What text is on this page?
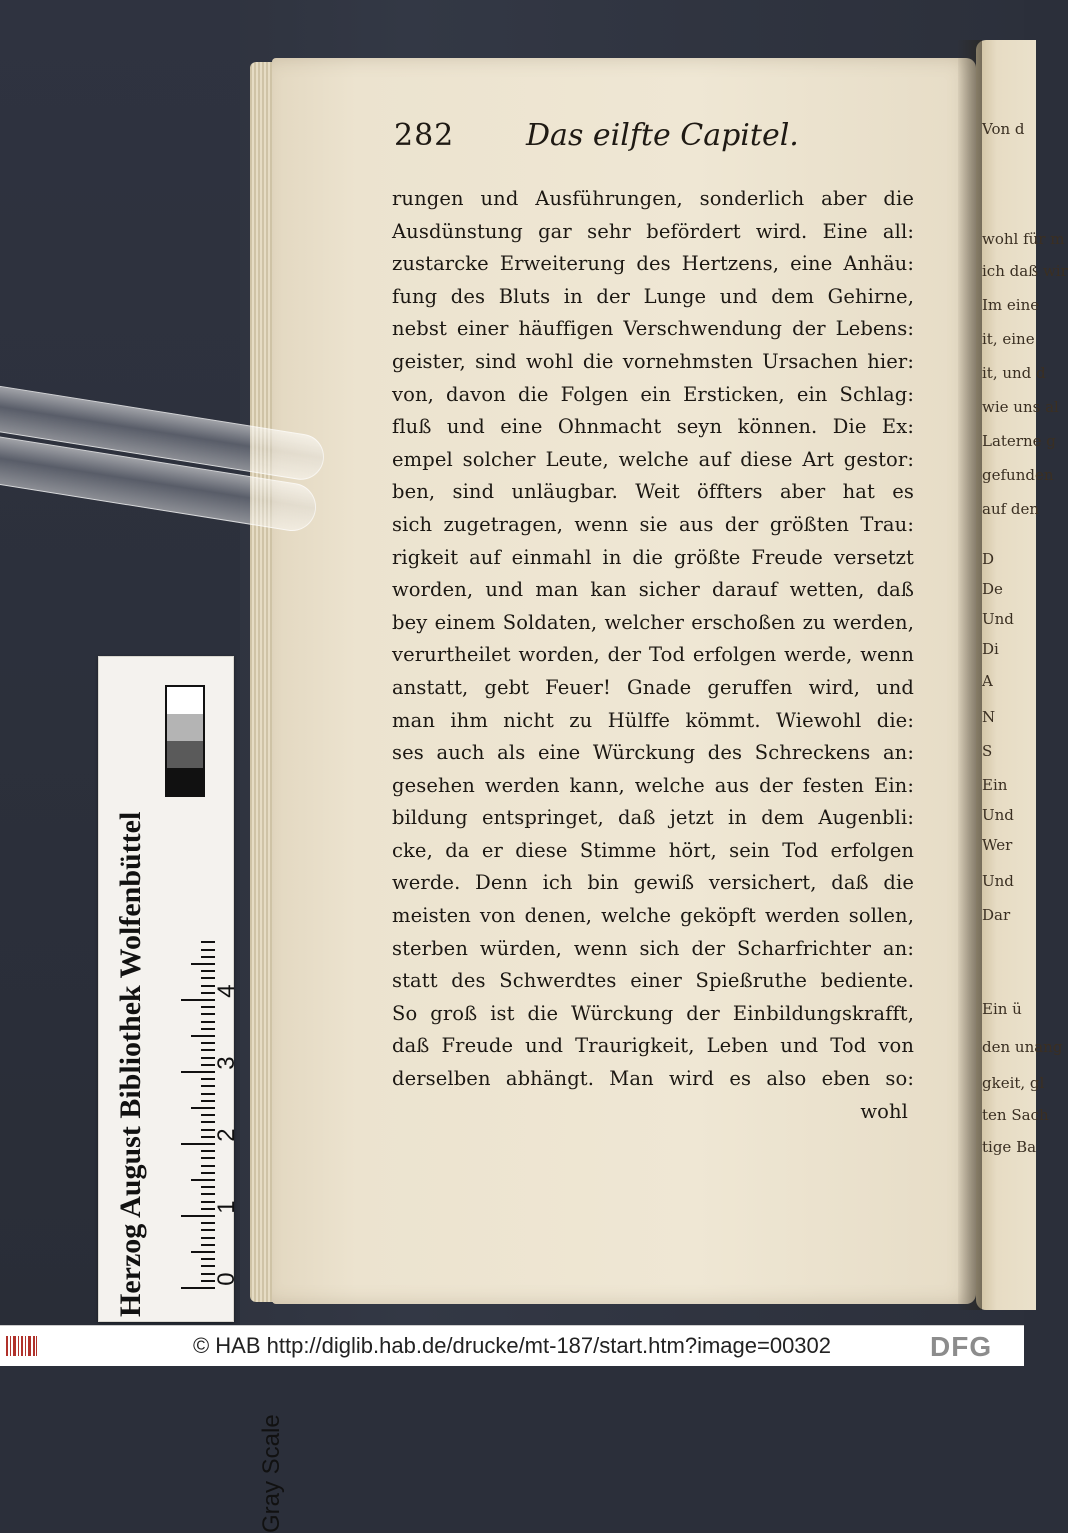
Von d
wohl für m
ich daß wir
Im eine
it, eine
it, und d
wie uns al
Laterne g
gefunden
auf den
D
De
Und
Di
A
N
S
Ein
Und
Wer
Und
Dar
Ein ü
den unang
gkeit, gl
ten Sach
tige Ba
282 Das eilfte Capitel.
rungen und Ausführungen, sonderlich aber die
Ausdünstung gar sehr befördert wird. Eine all:
zustarcke Erweiterung des Hertzens, eine Anhäu:
fung des Bluts in der Lunge und dem Gehirne,
nebst einer häuffigen Verschwendung der Lebens:
geister, sind wohl die vornehmsten Ursachen hier:
von, davon die Folgen ein Ersticken, ein Schlag:
fluß und eine Ohnmacht seyn können. Die Ex:
empel solcher Leute, welche auf diese Art gestor:
ben, sind unläugbar. Weit öffters aber hat es
sich zugetragen, wenn sie aus der größten Trau:
rigkeit auf einmahl in die größte Freude versetzt
worden, und man kan sicher darauf wetten, daß
bey einem Soldaten, welcher erschoßen zu werden,
verurtheilet worden, der Tod erfolgen werde, wenn
anstatt, gebt Feuer! Gnade geruffen wird, und
man ihm nicht zu Hülffe kömmt. Wiewohl die:
ses auch als eine Würckung des Schreckens an:
gesehen werden kann, welche aus der festen Ein:
bildung entspringet, daß jetzt in dem Augenbli:
cke, da er diese Stimme hört, sein Tod erfolgen
werde. Denn ich bin gewiß versichert, daß die
meisten von denen, welche geköpft werden sollen,
sterben würden, wenn sich der Scharfrichter an:
statt des Schwerdtes einer Spießruthe bediente.
So groß ist die Würckung der Einbildungskrafft,
daß Freude und Traurigkeit, Leben und Tod von
derselben abhängt. Man wird es also eben so:
wohl
Herzog August Bibliothek Wolfenbüttel
Gray Scale
0
1
2
3
4
© HAB http://diglib.hab.de/drucke/mt-187/start.htm?image=00302	DFG
